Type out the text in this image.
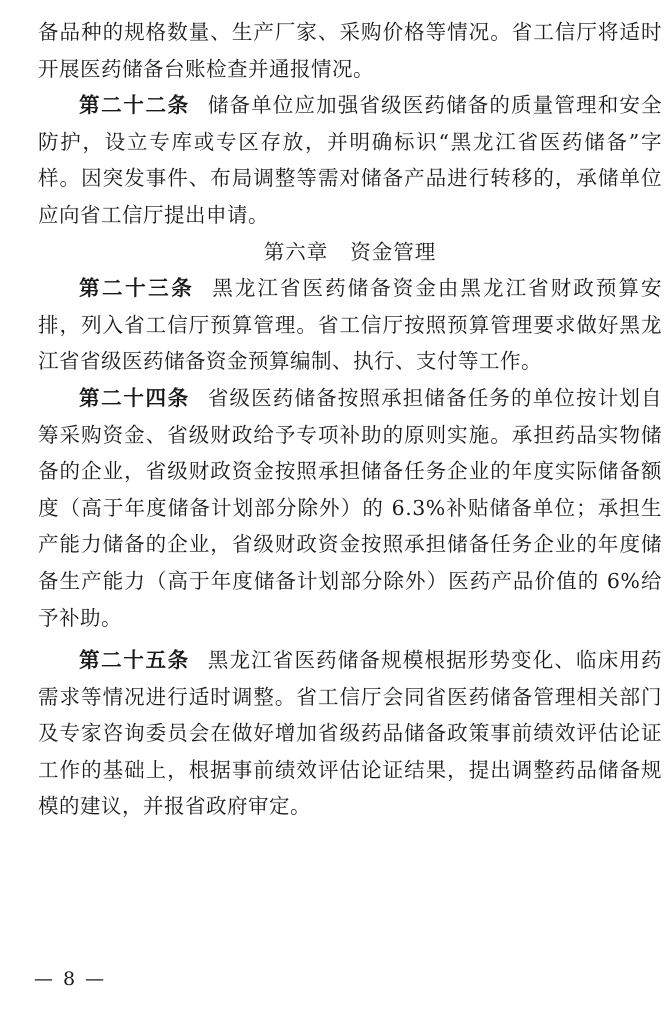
备品种的规格数量、生产厂家、采购价格等情况。省工信厅将适时开展医药储备台账检查并通报情况。

第二十二条 储备单位应加强省级医药储备的质量管理和安全防护，设立专库或专区存放，并明确标识“黑龙江省医药储备”字样。因突发事件、布局调整等需对储备产品进行转移的，承储单位应向省工信厅提出申请。

第六章 资金管理

第二十三条 黑龙江省医药储备资金由黑龙江省财政预算安排，列入省工信厅预算管理。省工信厅按照预算管理要求做好黑龙江省省级医药储备资金预算编制、执行、支付等工作。

第二十四条 省级医药储备按照承担储备任务的单位按计划自筹采购资金、省级财政给予专项补助的原则实施。承担药品实物储备的企业，省级财政资金按照承担储备任务企业的年度实际储备额度（高于年度储备计划部分除外）的 6.3%补贴储备单位；承担生产能力储备的企业，省级财政资金按照承担储备任务企业的年度储备生产能力（高于年度储备计划部分除外）医药产品价值的 6%给予补助。

第二十五条 黑龙江省医药储备规模根据形势变化、临床用药需求等情况进行适时调整。省工信厅会同省医药储备管理相关部门及专家咨询委员会在做好增加省级药品储备政策事前绩效评估论证工作的基础上，根据事前绩效评估论证结果，提出调整药品储备规模的建议，并报省政府审定。

— 8 —
